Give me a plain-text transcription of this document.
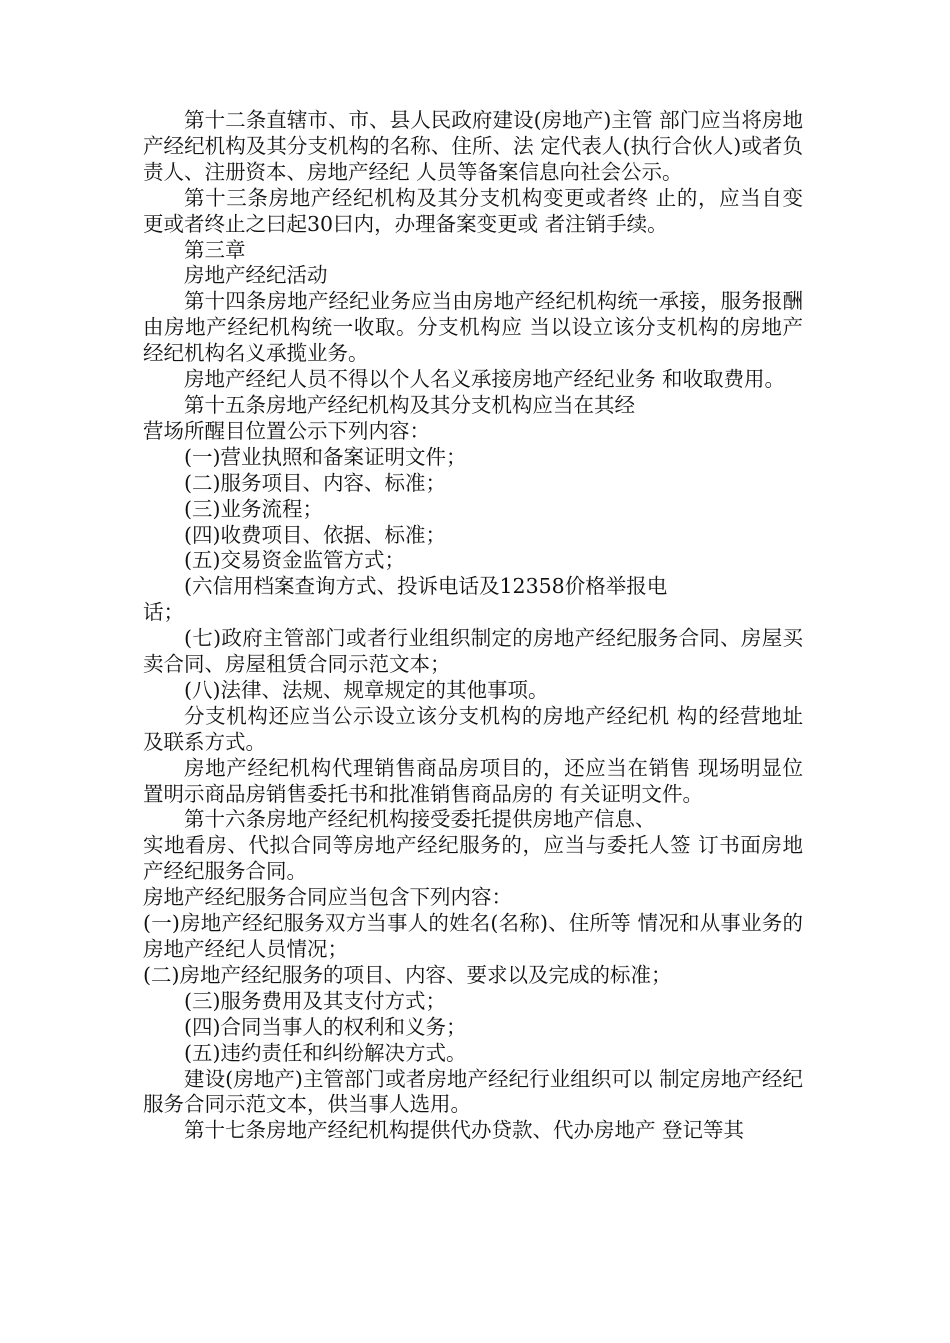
第十二条直辖市、市、县人民政府建设(房地产)主管 部门应当将房地产经纪机构及其分支机构的名称、住所、法 定代表人(执行合伙人)或者负责人、注册资本、房地产经纪 人员等备案信息向社会公示。

第十三条房地产经纪机构及其分支机构变更或者终 止的，应当自变更或者终止之曰起30曰内，办理备案变更或 者注销手续。

第三章

房地产经纪活动

第十四条房地产经纪业务应当由房地产经纪机构统一承接，服务报酬由房地产经纪机构统一收取。分支机构应 当以设立该分支机构的房地产经纪机构名义承揽业务。

房地产经纪人员不得以个人名义承接房地产经纪业务 和收取费用。

第十五条房地产经纪机构及其分支机构应当在其经

营场所醒目位置公示下列内容：

(一)营业执照和备案证明文件；

(二)服务项目、内容、标准；

(三)业务流程；

(四)收费项目、依据、标准；

(五)交易资金监管方式；

(六信用档案查询方式、投诉电话及12358价格举报电

话；

(七)政府主管部门或者行业组织制定的房地产经纪服务合同、房屋买卖合同、房屋租赁合同示范文本；

(八)法律、法规、规章规定的其他事项。

分支机构还应当公示设立该分支机构的房地产经纪机 构的经营地址及联系方式。

房地产经纪机构代理销售商品房项目的，还应当在销售 现场明显位置明示商品房销售委托书和批准销售商品房的 有关证明文件。

第十六条房地产经纪机构接受委托提供房地产信息、

实地看房、代拟合同等房地产经纪服务的，应当与委托人签 订书面房地产经纪服务合同。

房地产经纪服务合同应当包含下列内容：

(一)房地产经纪服务双方当事人的姓名(名称)、住所等 情况和从事业务的房地产经纪人员情况；

(二)房地产经纪服务的项目、内容、要求以及完成的标准；

(三)服务费用及其支付方式；

(四)合同当事人的权利和义务；

(五)违约责任和纠纷解决方式。

建设(房地产)主管部门或者房地产经纪行业组织可以 制定房地产经纪服务合同示范文本，供当事人选用。

第十七条房地产经纪机构提供代办贷款、代办房地产 登记等其
